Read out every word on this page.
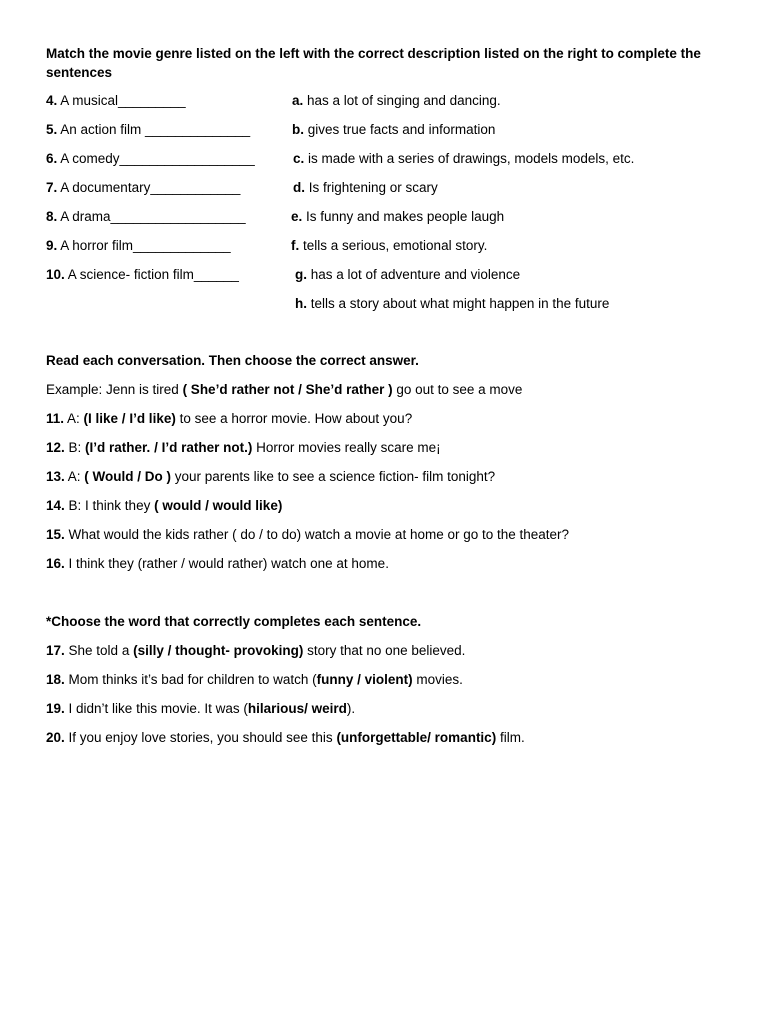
Match the movie genre listed on the left with the correct description listed on the right to complete the sentences
4. A musical_________
5. An action film ______________
6. A comedy__________________
7. A documentary____________
8. A drama__________________
9. A horror film_____________
10. A science- fiction film______
a. has a lot of singing and dancing.
b. gives true facts and information
c. is made with a series of drawings, models models, etc.
d. Is frightening or scary
e. Is funny and makes people laugh
f. tells a serious, emotional story.
g. has a lot of adventure and violence
h. tells a story about what might happen in the future
Read each conversation. Then choose the correct answer.
Example: Jenn is tired ( She’d rather not / She’d rather ) go out to see a move
11. A: (I like / I’d like) to see a horror movie. How about you?
12. B: (I’d rather. / I’d rather not.) Horror movies really scare me¡
13. A: ( Would / Do ) your parents like to see a science fiction- film tonight?
14. B: I think they ( would / would like)
15. What would the kids rather ( do / to do) watch a movie at home or go to the theater?
16. I think they (rather / would rather) watch one at home.
*Choose the word that correctly completes each sentence.
17. She told a (silly / thought- provoking) story that no one believed.
18. Mom thinks it’s bad for children to watch (funny / violent) movies.
19. I didn’t like this movie. It was (hilarious/ weird).
20. If you enjoy love stories, you should see this (unforgettable/ romantic) film.
